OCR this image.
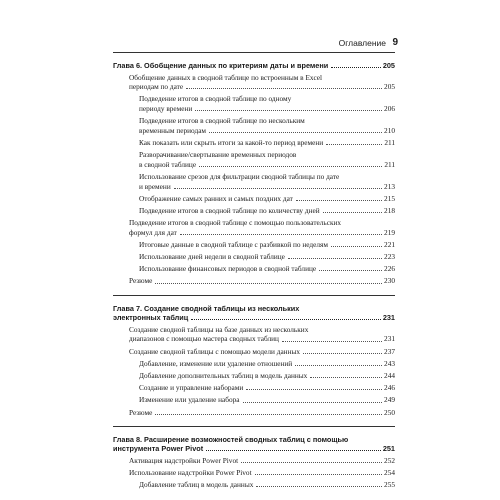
Оглавление 9
Глава 6. Обобщение данных по критериям даты и времени	205
Обобщение данных в сводной таблице по встроенным в Excel
периодам по дате	205
Подведение итогов в сводной таблице по одному
периоду времени	206
Подведение итогов в сводной таблице по нескольким
временным периодам	210
Как показать или скрыть итоги за какой-то период времени	211
Разворачивание/свертывание временных периодов
в сводной таблице	211
Использование срезов для фильтрации сводной таблицы по дате
и времени	213
Отображение самых ранних и самых поздних дат	215
Подведение итогов в сводной таблице по количеству дней	218
Подведение итогов в сводной таблице с помощью пользовательских
формул для дат	219
Итоговые данные в сводной таблице с разбивкой по неделям	221
Использование дней недели в сводной таблице	223
Использование финансовых периодов в сводной таблице	226
Резюме	230
Глава 7. Создание сводной таблицы из нескольких
электронных таблиц	231
Создание сводной таблицы на базе данных из нескольких
диапазонов с помощью мастера сводных таблиц	231
Создание сводной таблицы с помощью модели данных	237
Добавление, изменение или удаление отношений	243
Добавление дополнительных таблиц в модель данных	244
Создание и управление наборами	246
Изменение или удаление набора	249
Резюме	250
Глава 8. Расширение возможностей сводных таблиц с помощью
инструмента Power Pivot	251
Активация надстройки Power Pivot	252
Использование надстройки Power Pivot	254
Добавление таблиц в модель данных	255
